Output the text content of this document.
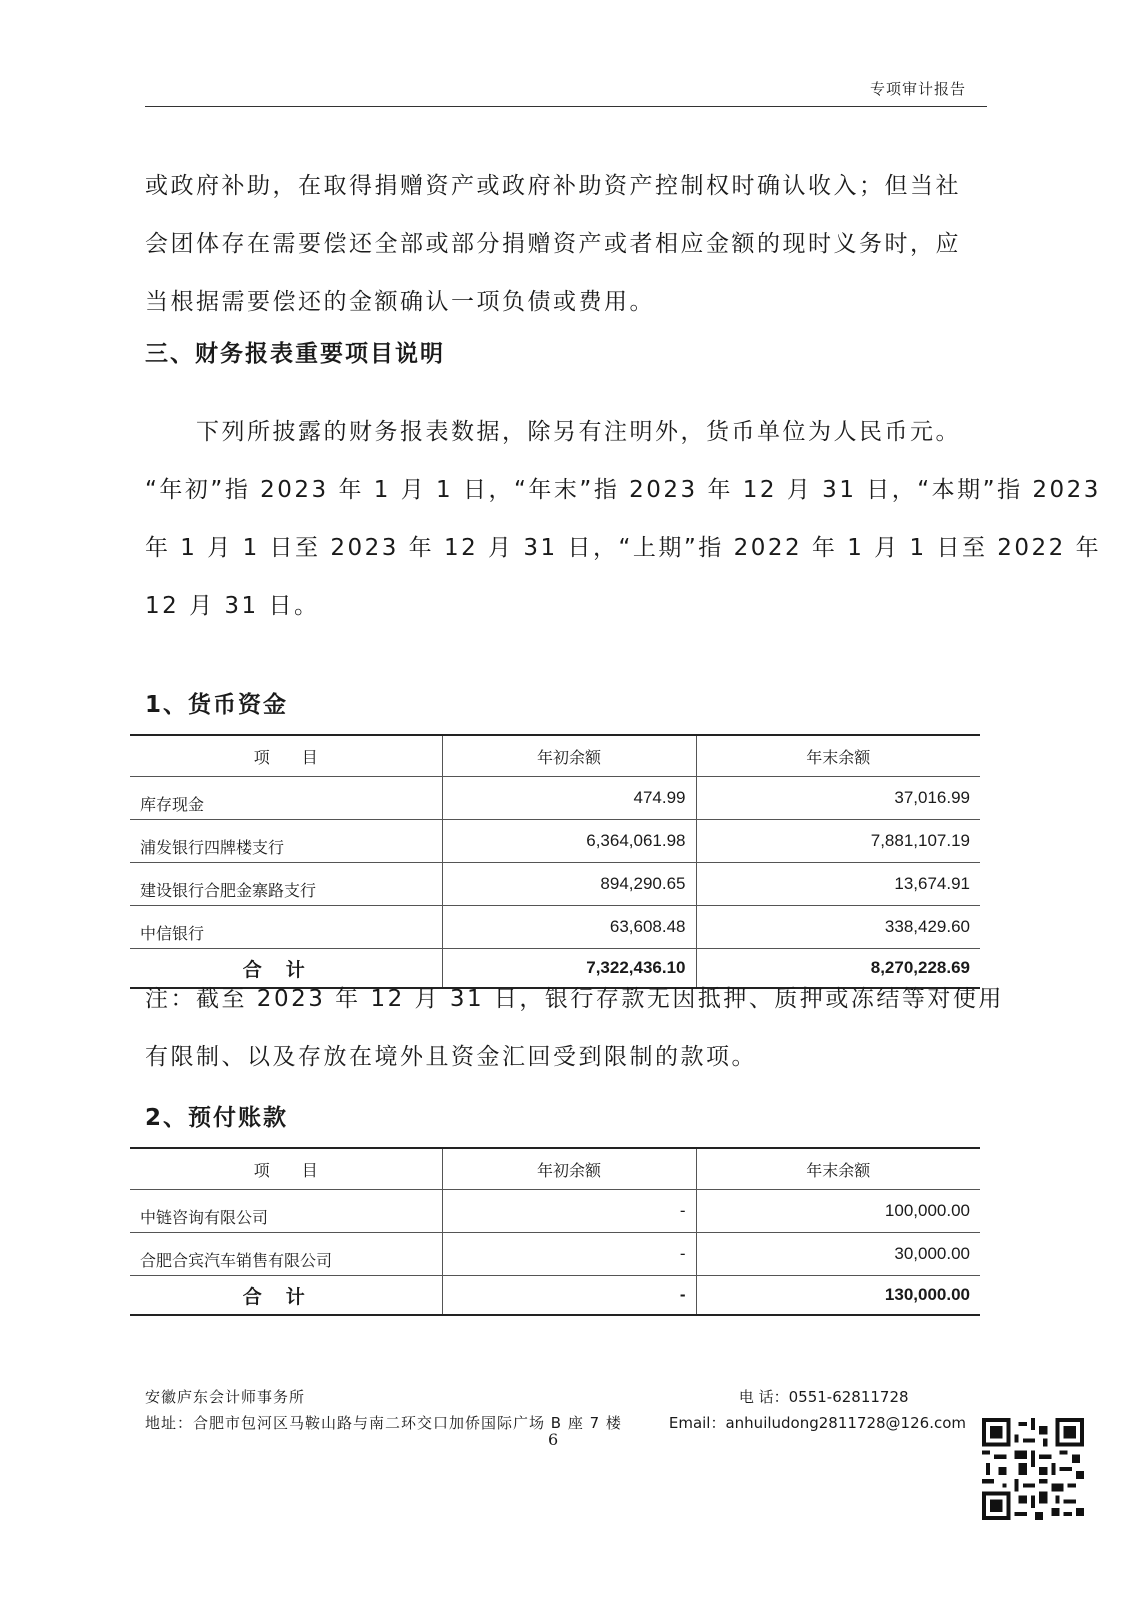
专项审计报告
或政府补助，在取得捐赠资产或政府补助资产控制权时确认收入；但当社
会团体存在需要偿还全部或部分捐赠资产或者相应金额的现时义务时，应
当根据需要偿还的金额确认一项负债或费用。
三、财务报表重要项目说明
　　下列所披露的财务报表数据，除另有注明外，货币单位为人民币元。
“年初”指 2023 年 1 月 1 日，“年末”指 2023 年 12 月 31 日，“本期”指 2023
年 1 月 1 日至 2023 年 12 月 31 日，“上期”指 2022 年 1 月 1 日至 2022 年
12 月 31 日。
1、货币资金
项　　目	年初余额	年末余额
库存现金	474.99	37,016.99
浦发银行四牌楼支行	6,364,061.98	7,881,107.19
建设银行合肥金寨路支行	894,290.65	13,674.91
中信银行	63,608.48	338,429.60
合计	7,322,436.10	8,270,228.69
注：截至 2023 年 12 月 31 日，银行存款无因抵押、质押或冻结等对使用
有限制、以及存放在境外且资金汇回受到限制的款项。
2、预付账款
项　　目	年初余额	年末余额
中链咨询有限公司	-	100,000.00
合肥合宾汽车销售有限公司	-	30,000.00
合计	-	130,000.00
安徽庐东会计师事务所
地址：合肥市包河区马鞍山路与南二环交口加侨国际广场 B 座 7 楼
电 话：0551-62811728
Email：anhuiludong2811728@126.com
6
